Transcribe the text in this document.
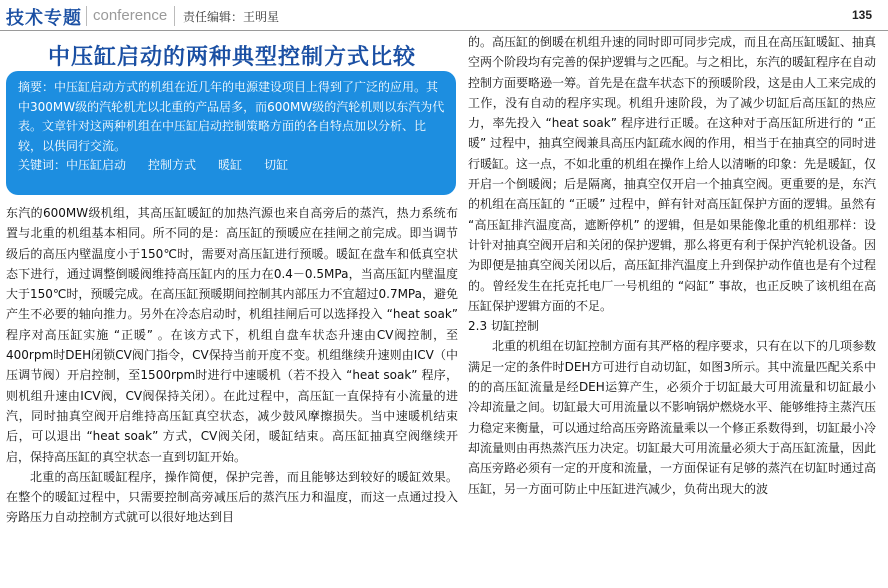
技术专题 conference 责任编辑：王明星	135
中压缸启动的两种典型控制方式比较

摘要：中压缸启动方式的机组在近几年的电源建设项目上得到了广泛的应用。其中300MW级的汽轮机尤以北重的产品居多，而600MW级的汽轮机则以东汽为代表。文章针对这两种机组在中压缸启动控制策略方面的各自特点加以分析、比较，以供同行交流。

关键词：中压缸启动 控制方式 暖缸 切缸

东汽的600MW级机组，其高压缸暖缸的加热汽源也来自高旁后的蒸汽，热力系统布置与北重的机组基本相同。所不同的是：高压缸的预暖应在挂闸之前完成。即当调节级后的高压内壁温度小于150℃时，需要对高压缸进行预暖。暖缸在盘车和低真空状态下进行，通过调整倒暖阀维持高压缸内的压力在0.4－0.5MPa，当高压缸内壁温度大于150℃时，预暖完成。在高压缸预暖期间控制其内部压力不宜超过0.7MPa，避免产生不必要的轴向推力。另外在冷态启动时，机组挂闸后可以选择投入 “heat soak” 程序对高压缸实施 “正暖” 。在该方式下，机组自盘车状态升速由CV阀控制，至400rpm时DEH闭锁CV阀门指令，CV保持当前开度不变。机组继续升速则由ICV（中压调节阀）开启控制，至1500rpm时进行中速暖机（若不投入 “heat soak” 程序，则机组升速由ICV阀，CV阀保持关闭）。在此过程中，高压缸一直保持有小流量的进汽，同时抽真空阀开启维持高压缸真空状态，减少鼓风摩擦损失。当中速暖机结束后，可以退出 “heat soak” 方式，CV阀关闭，暖缸结束。高压缸抽真空阀继续开启，保持高压缸的真空状态一直到切缸开始。

北重的高压缸暖缸程序，操作简便，保护完善，而且能够达到较好的暖缸效果。在整个的暖缸过程中，只需要控制高旁减压后的蒸汽压力和温度，而这一点通过投入旁路压力自动控制方式就可以很好地达到目

的。高压缸的倒暖在机组升速的同时即可同步完成，而且在高压缸暖缸、抽真空两个阶段均有完善的保护逻辑与之匹配。与之相比，东汽的暖缸程序在自动控制方面要略逊一筹。首先是在盘车状态下的预暖阶段，这是由人工来完成的工作，没有自动的程序实现。机组升速阶段，为了减少切缸后高压缸的热应力，率先投入 “heat soak” 程序进行正暖。在这种对于高压缸所进行的 “正暖” 过程中，抽真空阀兼具高压内缸疏水阀的作用，相当于在抽真空的同时进行暖缸。这一点，不如北重的机组在操作上给人以清晰的印象：先是暖缸，仅开启一个倒暖阀；后是隔离，抽真空仅开启一个抽真空阀。更重要的是，东汽的机组在高压缸的 “正暖” 过程中，鲜有针对高压缸保护方面的逻辑。虽然有 “高压缸排汽温度高，遮断停机” 的逻辑，但是如果能像北重的机组那样：设计针对抽真空阀开启和关闭的保护逻辑，那么将更有利于保护汽轮机设备。因为即便是抽真空阀关闭以后，高压缸排汽温度上升到保护动作值也是有个过程的。曾经发生在托克托电厂一号机组的 “闷缸” 事故，也正反映了该机组在高压缸保护逻辑方面的不足。

2.3 切缸控制

北重的机组在切缸控制方面有其严格的程序要求，只有在以下的几项参数满足一定的条件时DEH方可进行自动切缸，如图3所示。其中流量匹配关系中的的高压缸流量是经DEH运算产生，必须介于切缸最大可用流量和切缸最小冷却流量之间。切缸最大可用流量以不影响锅炉燃烧水平、能够维持主蒸汽压力稳定来衡量，可以通过给高压旁路流量乘以一个修正系数得到，切缸最小冷却流量则由再热蒸汽压力决定。切缸最大可用流量必须大于高压缸流量，因此高压旁路必须有一定的开度和流量，一方面保证有足够的蒸汽在切缸时通过高压缸，另一方面可防止中压缸进汽减少，负荷出现大的波
